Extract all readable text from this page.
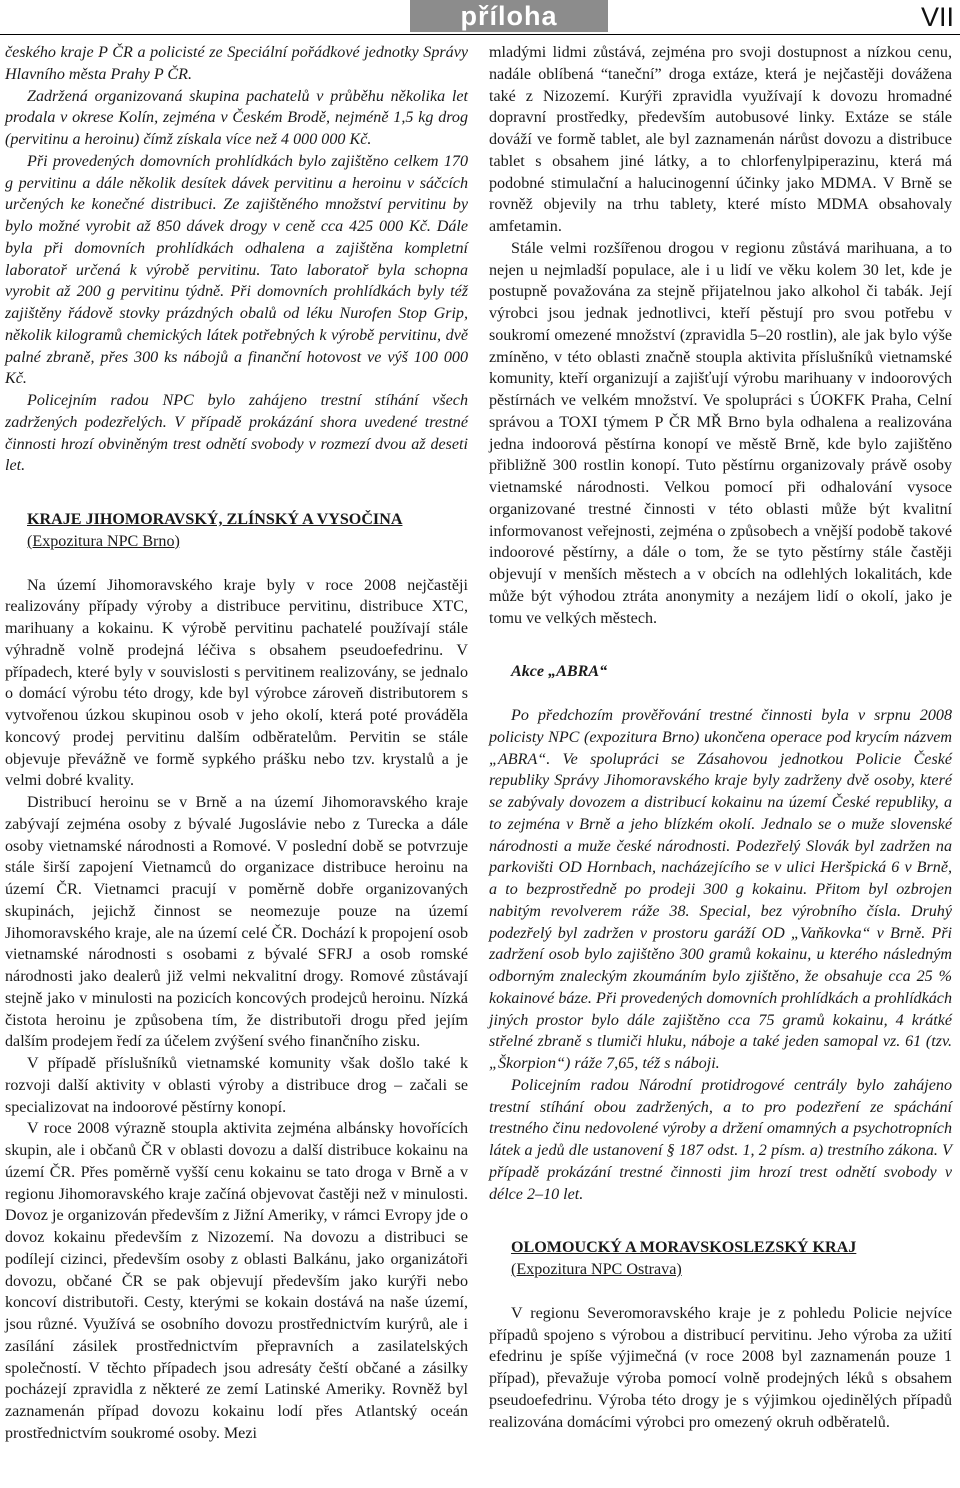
příloha	VII

českého kraje P ČR a policisté ze Speciální pořádkové jednotky Správy Hlavního města Prahy P ČR.

Zadržená organizovaná skupina pachatelů v průběhu několika let prodala v okrese Kolín, zejména v Českém Brodě, nejméně 1,5 kg drog (pervitinu a heroinu) čímž získala více než 4 000 000 Kč.

Při provedených domovních prohlídkách bylo zajištěno celkem 170 g pervitinu a dále několik desítek dávek pervitinu a heroinu v sáčcích určených ke konečné distribuci. Ze zajištěného množství pervitinu by bylo možné vyrobit až 850 dávek drogy v ceně cca 425 000 Kč. Dále byla při domovních prohlídkách odhalena a zajištěna kompletní laboratoř určená k výrobě pervitinu. Tato laboratoř byla schopna vyrobit až 200 g pervitinu týdně. Při domovních prohlídkách byly též zajištěny řádově stovky prázdných obalů od léku Nurofen Stop Grip, několik kilogramů chemických látek potřebných k výrobě pervitinu, dvě palné zbraně, přes 300 ks nábojů a finanční hotovost ve výš 100 000 Kč.

Policejním radou NPC bylo zahájeno trestní stíhání všech zadržených podezřelých. V případě prokázání shora uvedené trestné činnosti hrozí obviněným trest odnětí svobody v rozmezí dvou až deseti let.

KRAJE JIHOMORAVSKÝ, ZLÍNSKÝ A VYSOČINA

(Expozitura NPC Brno)

Na území Jihomoravského kraje byly v roce 2008 nejčastěji realizovány případy výroby a distribuce pervitinu, distribuce XTC, marihuany a kokainu. K výrobě pervitinu pachatelé používají stále výhradně volně prodejná léčiva s obsahem pseudoefedrinu. V případech, které byly v souvislosti s pervitinem realizovány, se jednalo o domácí výrobu této drogy, kde byl výrobce zároveň distributorem s vytvořenou úzkou skupinou osob v jeho okolí, která poté prováděla koncový prodej pervitinu dalším odběratelům. Pervitin se stále objevuje převážně ve formě sypkého prášku nebo tzv. krystalů a je velmi dobré kvality.

Distribucí heroinu se v Brně a na území Jihomoravského kraje zabývají zejména osoby z bývalé Jugoslávie nebo z Turecka a dále osoby vietnamské národnosti a Romové. V poslední době se potvrzuje stále širší zapojení Vietnamců do organizace distribuce heroinu na území ČR. Vietnamci pracují v poměrně dobře organizovaných skupinách, jejichž činnost se neomezuje pouze na území Jihomoravského kraje, ale na území celé ČR. Dochází k propojení osob vietnamské národnosti s osobami z bývalé SFRJ a osob romské národnosti jako dealerů již velmi nekvalitní drogy. Romové zůstávají stejně jako v minulosti na pozicích koncových prodejců heroinu. Nízká čistota heroinu je způsobena tím, že distributoři drogu před jejím dalším prodejem ředí za účelem zvýšení svého finančního zisku.

V případě příslušníků vietnamské komunity však došlo také k rozvoji další aktivity v oblasti výroby a distribuce drog – začali se specializovat na indoorové pěstírny konopí.

V roce 2008 výrazně stoupla aktivita zejména albánsky hovořících skupin, ale i občanů ČR v oblasti dovozu a další distribuce kokainu na území ČR. Přes poměrně vyšší cenu kokainu se tato droga v Brně a v regionu Jihomoravského kraje začíná objevovat častěji než v minulosti. Dovoz je organizován především z Jižní Ameriky, v rámci Evropy jde o dovoz kokainu především z Nizozemí. Na dovozu a distribuci se podílejí cizinci, především osoby z oblasti Balkánu, jako organizátoři dovozu, občané ČR se pak objevují především jako kurýři nebo koncoví distributoři. Cesty, kterými se kokain dostává na naše území, jsou různé. Využívá se osobního dovozu prostřednictvím kurýrů, ale i zasílání zásilek prostřednictvím přepravních a zasilatelských společností. V těchto případech jsou adresáty čeští občané a zásilky pocházejí zpravidla z některé ze zemí Latinské Ameriky. Rovněž byl zaznamenán případ dovozu kokainu lodí přes Atlantský oceán prostřednictvím soukromé osoby. Mezi

mladými lidmi zůstává, zejména pro svoji dostupnost a nízkou cenu, nadále oblíbená “taneční” droga extáze, která je nejčastěji dovážena také z Nizozemí. Kurýři zpravidla využívají k dovozu hromadné dopravní prostředky, především autobusové linky. Extáze se stále dováží ve formě tablet, ale byl zaznamenán nárůst dovozu a distribuce tablet s obsahem jiné látky, a to chlorfenylpiperazinu, která má podobné stimulační a halucinogenní účinky jako MDMA. V Brně se rovněž objevily na trhu tablety, které místo MDMA obsahovaly amfetamin.

Stále velmi rozšířenou drogou v regionu zůstává marihuana, a to nejen u nejmladší populace, ale i u lidí ve věku kolem 30 let, kde je postupně považována za stejně přijatelnou jako alkohol či tabák. Její výrobci jsou jednak jednotlivci, kteří pěstují pro svou potřebu v soukromí omezené množství (zpravidla 5–20 rostlin), ale jak bylo výše zmíněno, v této oblasti značně stoupla aktivita příslušníků vietnamské komunity, kteří organizují a zajišťují výrobu marihuany v indoorových pěstírnách ve velkém množství. Ve spolupráci s ÚOKFK Praha, Celní správou a TOXI týmem P ČR MŘ Brno byla odhalena a realizována jedna indoorová pěstírna konopí ve městě Brně, kde bylo zajištěno přibližně 300 rostlin konopí. Tuto pěstírnu organizovaly právě osoby vietnamské národnosti. Velkou pomocí při odhalování vysoce organizované trestné činnosti v této oblasti může být kvalitní informovanost veřejnosti, zejména o způsobech a vnější podobě takové indoorové pěstírny, a dále o tom, že se tyto pěstírny stále častěji objevují v menších městech a v obcích na odlehlých lokalitách, kde může být výhodou ztráta anonymity a nezájem lidí o okolí, jako je tomu ve velkých městech.

Akce „ABRA“

Po předchozím prověřování trestné činnosti byla v srpnu 2008 policisty NPC (expozitura Brno) ukončena operace pod krycím názvem „ABRA“. Ve spolupráci se Zásahovou jednotkou Policie České republiky Správy Jihomoravského kraje byly zadrženy dvě osoby, které se zabývaly dovozem a distribucí kokainu na území České republiky, a to zejména v Brně a jeho blízkém okolí. Jednalo se o muže slovenské národnosti a muže české národnosti. Podezřelý Slovák byl zadržen na parkovišti OD Hornbach, nacházejícího se v ulici Heršpická 6 v Brně, a to bezprostředně po prodeji 300 g kokainu. Přitom byl ozbrojen nabitým revolverem ráže 38. Special, bez výrobního čísla. Druhý podezřelý byl zadržen v prostoru garáží OD „Vaňkovka“ v Brně. Při zadržení osob bylo zajištěno 300 gramů kokainu, u kterého následným odborným znaleckým zkoumáním bylo zjištěno, že obsahuje cca 25 % kokainové báze. Při provedených domovních prohlídkách a prohlídkách jiných prostor bylo dále zajištěno cca 75 gramů kokainu, 4 krátké střelné zbraně s tlumiči hluku, náboje a také jeden samopal vz. 61 (tzv. „Škorpion“) ráže 7,65, též s náboji.

Policejním radou Národní protidrogové centrály bylo zahájeno trestní stíhání obou zadržených, a to pro podezření ze spáchání trestného činu nedovolené výroby a držení omamných a psychotropních látek a jedů dle ustanovení § 187 odst. 1, 2 písm. a) trestního zákona. V případě prokázání trestné činnosti jim hrozí trest odnětí svobody v délce 2–10 let.

OLOMOUCKÝ A MORAVSKOSLEZSKÝ KRAJ

(Expozitura NPC Ostrava)

V regionu Severomoravského kraje je z pohledu Policie nejvíce případů spojeno s výrobou a distribucí pervitinu. Jeho výroba za užití efedrinu je spíše výjimečná (v roce 2008 byl zaznamenán pouze 1 případ), převažuje výroba pomocí volně prodejných léků s obsahem pseudoefedrinu. Výroba této drogy je s výjimkou ojedinělých případů realizována domácími výrobci pro omezený okruh odběratelů.
